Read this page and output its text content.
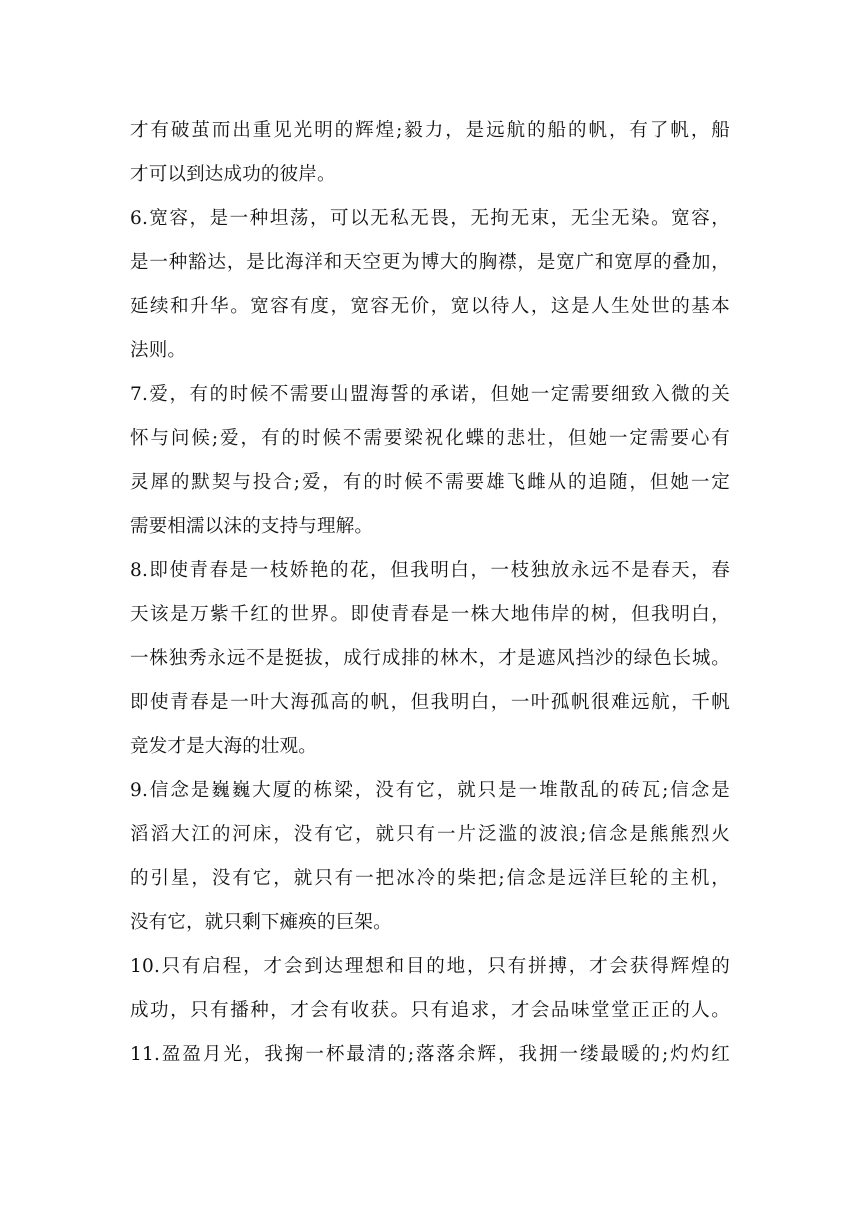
才有破茧而出重见光明的辉煌;毅力，是远航的船的帆，有了帆，船
才可以到达成功的彼岸。
6.宽容，是一种坦荡，可以无私无畏，无拘无束，无尘无染。宽容，
是一种豁达，是比海洋和天空更为博大的胸襟，是宽广和宽厚的叠加，
延续和升华。宽容有度，宽容无价，宽以待人，这是人生处世的基本
法则。
7.爱，有的时候不需要山盟海誓的承诺，但她一定需要细致入微的关
怀与问候;爱，有的时候不需要梁祝化蝶的悲壮，但她一定需要心有
灵犀的默契与投合;爱，有的时候不需要雄飞雌从的追随，但她一定
需要相濡以沫的支持与理解。
8.即使青春是一枝娇艳的花，但我明白，一枝独放永远不是春天，春
天该是万紫千红的世界。即使青春是一株大地伟岸的树，但我明白，
一株独秀永远不是挺拔，成行成排的林木，才是遮风挡沙的绿色长城。
即使青春是一叶大海孤高的帆，但我明白，一叶孤帆很难远航，千帆
竞发才是大海的壮观。
9.信念是巍巍大厦的栋梁，没有它，就只是一堆散乱的砖瓦;信念是
滔滔大江的河床，没有它，就只有一片泛滥的波浪;信念是熊熊烈火
的引星，没有它，就只有一把冰冷的柴把;信念是远洋巨轮的主机，
没有它，就只剩下瘫痪的巨架。
10.只有启程，才会到达理想和目的地，只有拼搏，才会获得辉煌的
成功，只有播种，才会有收获。只有追求，才会品味堂堂正正的人。
11.盈盈月光，我掬一杯最清的;落落余辉，我拥一缕最暖的;灼灼红
